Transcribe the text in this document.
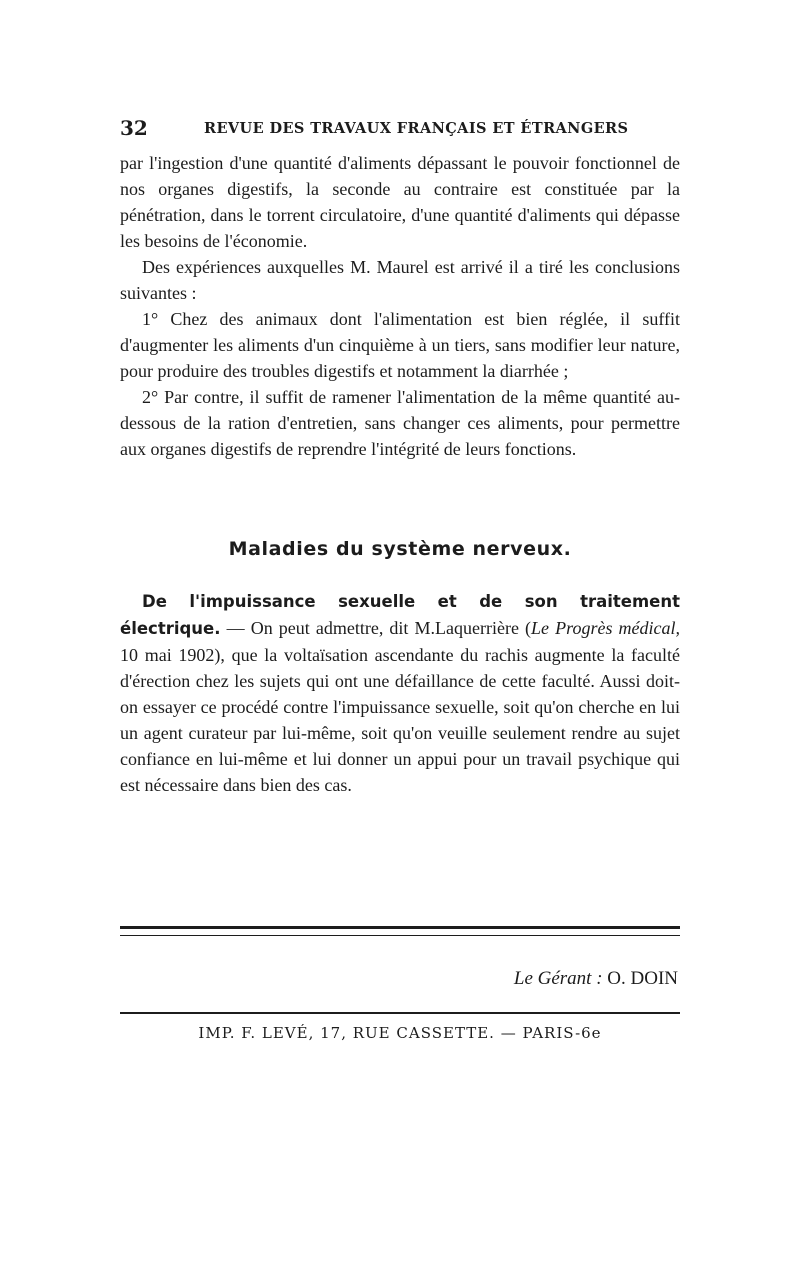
32	REVUE DES TRAVAUX FRANÇAIS ET ÉTRANGERS

par l'ingestion d'une quantité d'aliments dépassant le pouvoir fonctionnel de nos organes digestifs, la seconde au contraire est constituée par la pénétration, dans le torrent circulatoire, d'une quantité d'aliments qui dépasse les besoins de l'économie.

Des expériences auxquelles M. Maurel est arrivé il a tiré les conclusions suivantes :

1° Chez des animaux dont l'alimentation est bien réglée, il suffit d'augmenter les aliments d'un cinquième à un tiers, sans modifier leur nature, pour produire des troubles digestifs et notamment la diarrhée ;

2° Par contre, il suffit de ramener l'alimentation de la même quantité au-dessous de la ration d'entretien, sans changer ces aliments, pour permettre aux organes digestifs de reprendre l'intégrité de leurs fonctions.

Maladies du système nerveux.

De l'impuissance sexuelle et de son traitement électrique. — On peut admettre, dit M.Laquerrière (Le Progrès médical, 10 mai 1902), que la voltaïsation ascendante du rachis augmente la faculté d'érection chez les sujets qui ont une défaillance de cette faculté. Aussi doit-on essayer ce procédé contre l'impuissance sexuelle, soit qu'on cherche en lui un agent curateur par lui-même, soit qu'on veuille seulement rendre au sujet confiance en lui-même et lui donner un appui pour un travail psychique qui est nécessaire dans bien des cas.

Le Gérant : O. DOIN
IMP. F. LEVÉ, 17, RUE CASSETTE. — PARIS-6e
